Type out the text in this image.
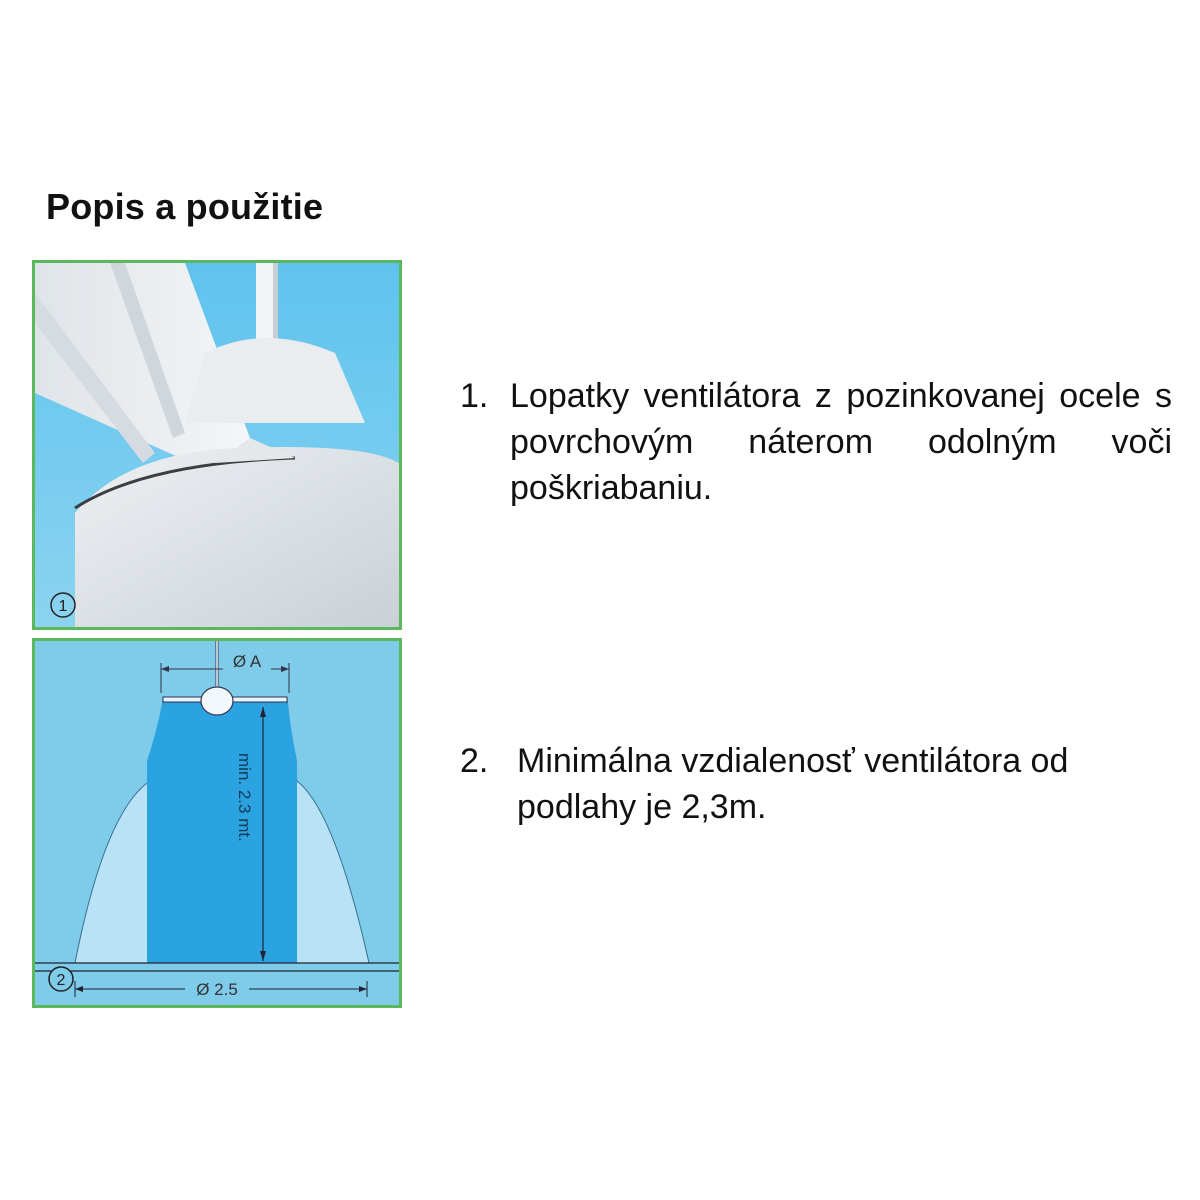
Popis a použitie
1
Ø A
min. 2.3 mt.
Ø 2.5
2
1. Lopatky ventilátora z pozinkovanej ocele s povrchovým náterom odolným voči poškriabaniu.
2. Minimálna vzdialenosť ventilátora od podlahy je 2,3m.
